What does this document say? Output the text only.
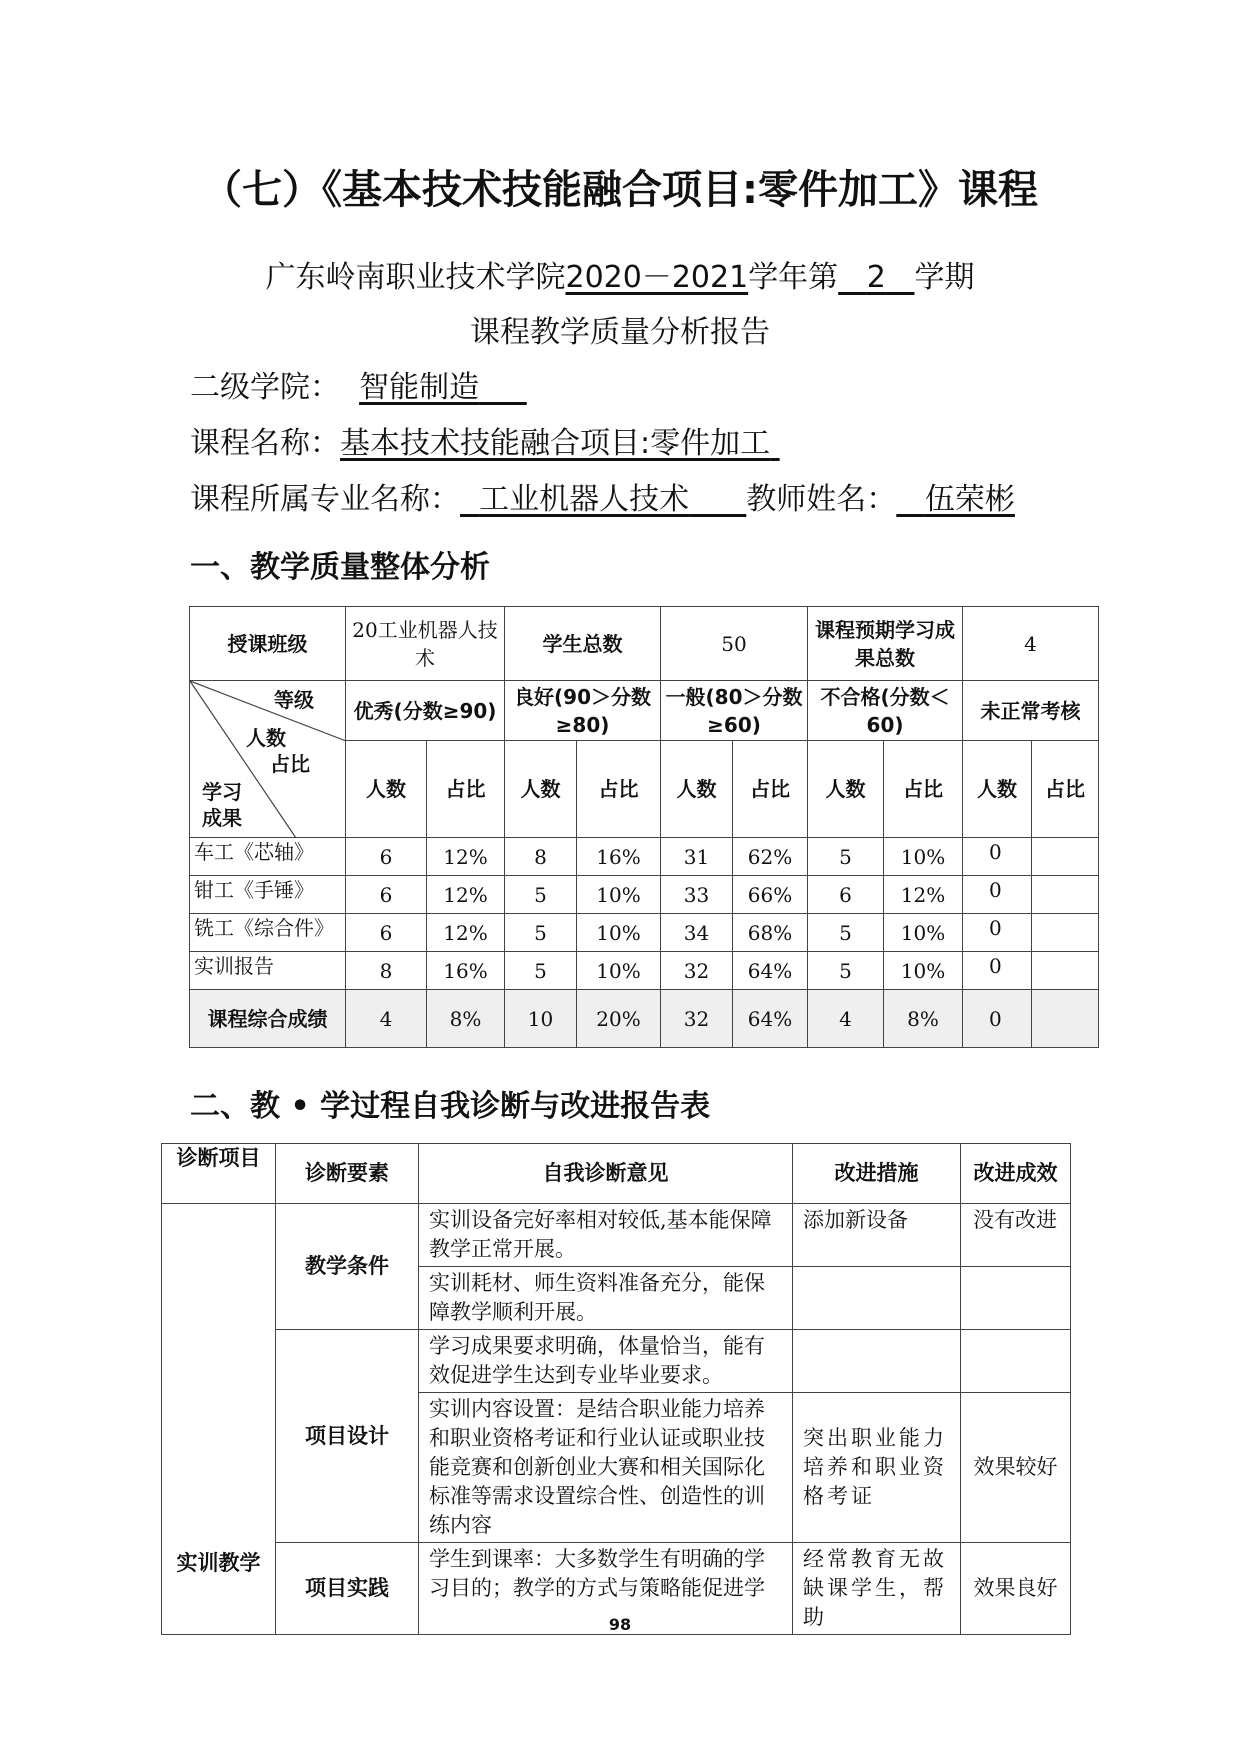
（七）《基本技术技能融合项目:零件加工》课程
广东岭南职业技术学院2020－2021学年第 2 学期
课程教学质量分析报告
二级学院： 智能制造
课程名称：基本技术技能融合项目:零件加工
课程所属专业名称： 工业机器人技术 教师姓名： 伍荣彬
一、教学质量整体分析
授课班级	20工业机器人技术		学生总数		50		课程预期学习成果总数		4	

等级
人数
占比
学习成果	优秀(分数≥90)		良好(90＞分数≥80)		一般(80＞分数≥60)		不合格(分数＜60)		未正常考核	
	人数	占比	人数	占比	人数	占比	人数	占比	人数	占比
车工《芯轴》	6	12%	8	16%	31	62%	5	10%	0	
钳工《手锤》	6	12%	5	10%	33	66%	6	12%	0	
铣工《综合件》	6	12%	5	10%	34	68%	5	10%	0	
实训报告	8	16%	5	10%	32	64%	5	10%	0	
课程综合成绩	4	8%	10	20%	32	64%	4	8%	0	
二、教 • 学过程自我诊断与改进报告表
诊断项目	诊断要素	自我诊断意见	改进措施	改进成效
实训教学	教学条件	实训设备完好率相对较低,基本能保障教学正常开展。	添加新设备	没有改进
		实训耗材、师生资料准备充分，能保障教学顺利开展。		
	项目设计	学习成果要求明确，体量恰当，能有效促进学生达到专业毕业要求。		
		实训内容设置：是结合职业能力培养和职业资格考证和行业认证或职业技能竞赛和创新创业大赛和相关国际化标准等需求设置综合性、创造性的训练内容	突出职业能力培养和职业资格考证	效果较好
	项目实践	学生到课率：大多数学生有明确的学习目的；教学的方式与策略能促进学	经常教育无故缺课学生，帮助	效果良好
98
